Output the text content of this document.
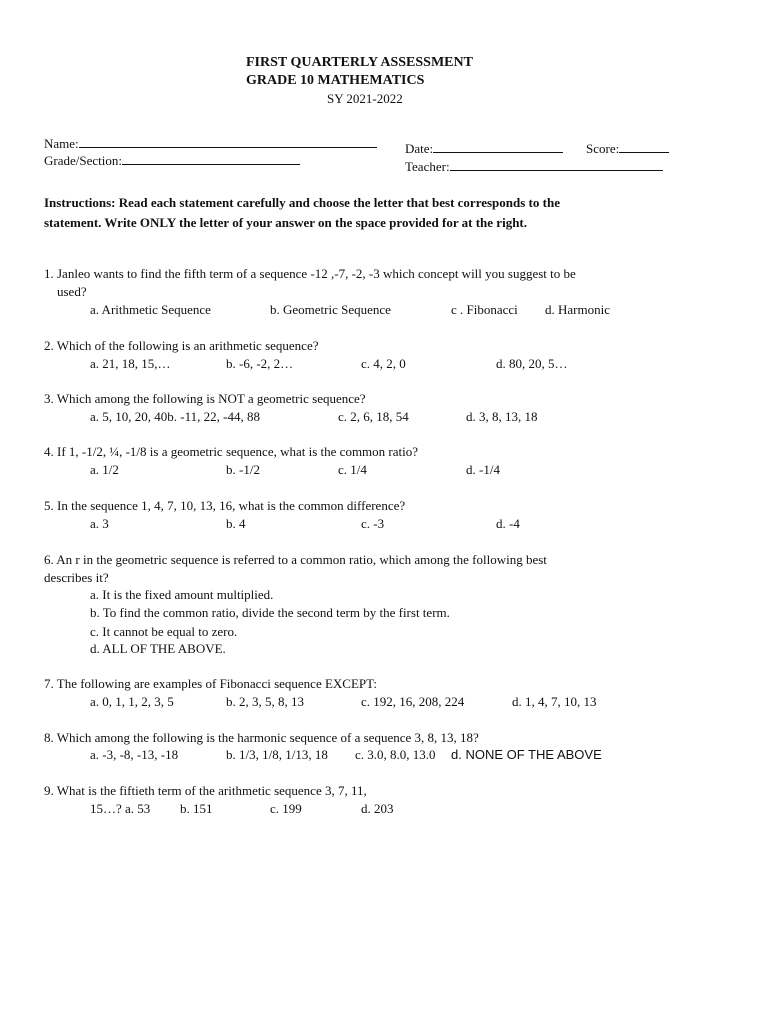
FIRST QUARTERLY ASSESSMENT
GRADE 10 MATHEMATICS
SY 2021-2022
Name:
Grade/Section:
Date:	Score:
Teacher:
Instructions: Read each statement carefully and choose the letter that best corresponds to the
statement. Write ONLY the letter of your answer on the space provided for at the right.
1. Janleo wants to find the fifth term of a sequence -12 ,-7, -2, -3 which concept will you suggest to be
used?
a. Arithmetic Sequence	b. Geometric Sequence	c . Fibonacci d. Harmonic
2. Which of the following is an arithmetic sequence?
a. 21, 18, 15,…	b. -6, -2, 2…	c. 4, 2, 0	d. 80, 20, 5…
3. Which among the following is NOT a geometric sequence?
a. 5, 10, 20, 40b. -11, 22, -44, 88	c. 2, 6, 18, 54	d. 3, 8, 13, 18
4. If 1, -1/2, ¼, -1/8 is a geometric sequence, what is the common ratio?
a. 1/2	b. -1/2	c. 1/4	d. -1/4
5. In the sequence 1, 4, 7, 10, 13, 16, what is the common difference?
a. 3	b. 4	c. -3	d. -4
6. An r in the geometric sequence is referred to a common ratio, which among the following best
describes it?
a. It is the fixed amount multiplied.
b. To find the common ratio, divide the second term by the first term.
c. It cannot be equal to zero.
d. ALL OF THE ABOVE.
7. The following are examples of Fibonacci sequence EXCEPT:
a. 0, 1, 1, 2, 3, 5	b. 2, 3, 5, 8, 13	c. 192, 16, 208, 224	d. 1, 4, 7, 10, 13
8. Which among the following is the harmonic sequence of a sequence 3, 8, 13, 18?
a. -3, -8, -13, -18	b. 1/3, 1/8, 1/13, 18 c. 3.0, 8.0, 13.0 d. NONE OF THE ABOVE
9. What is the fiftieth term of the arithmetic sequence 3, 7, 11,
15…? a. 53 b. 151	c. 199	d. 203
